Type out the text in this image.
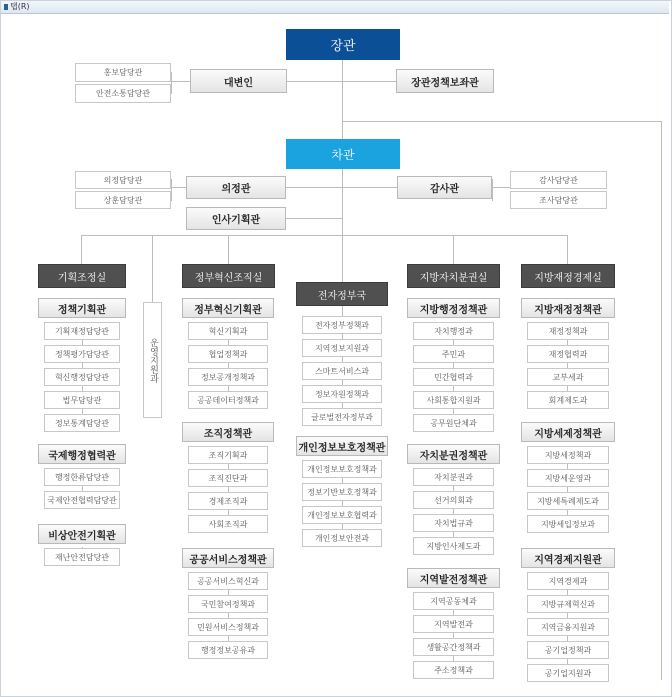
탭(R)
장관
홍보담당관
안전소통담당관
대변인	장관정책보좌관
차관
의정담당관
상훈담당관
의정관	감사관
감사담당관
조사담당관
인사기획관
운영지원과
기획조정실
정책기획관
기획재정담당관
정책평가담당관
혁신행정담당관
법무담당관
정보통계담당관
국제행정협력관
행정한류담당관
국제안전협력담당관
비상안전기획관
재난안전담당관
정부혁신조직실
정부혁신기획관
혁신기획과
협업정책과
정보공개정책과
공공데이터정책과
조직정책관
조직기획과
조직진단과
경제조직과
사회조직과
공공서비스정책관
공공서비스혁신과
국민참여정책과
민원서비스정책과
행정정보공유과
전자정부국
전자정부정책과
지역정보지원과
스마트서비스과
정보자원정책과
글로벌전자정부과
개인정보보호정책관
개인정보보호정책과
정보기반보호정책과
개인정보보호협력과
개인정보안전과
지방자치분권실
지방행정정책관
자치행정과
주민과
민간협력과
사회통합지원과
공무원단체과
자치분권정책관
자치분권과
선거의회과
자치법규과
지방인사제도과
지역발전정책관
지역공동체과
지역발전과
생활공간정책과
주소정책과
지방재정경제실
지방재정정책관
재정정책과
재정협력과
교부세과
회계제도과
지방세제정책관
지방세정책과
지방세운영과
지방세특례제도과
지방세입정보과
지역경제지원관
지역경제과
지방규제혁신과
지역금융지원과
공기업정책과
공기업지원과
